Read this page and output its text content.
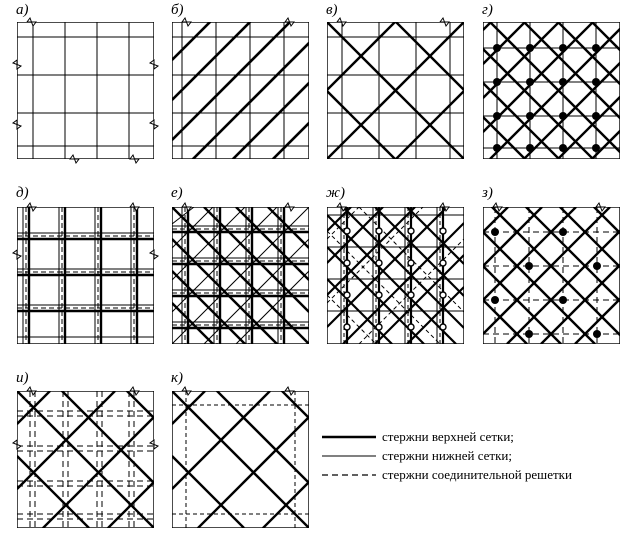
а)	б)	в)	г)
д)	е)	ж)	з)
и)	к)
стержни верхней сетки;
стержни нижней сетки;
стержни соединительной решетки
